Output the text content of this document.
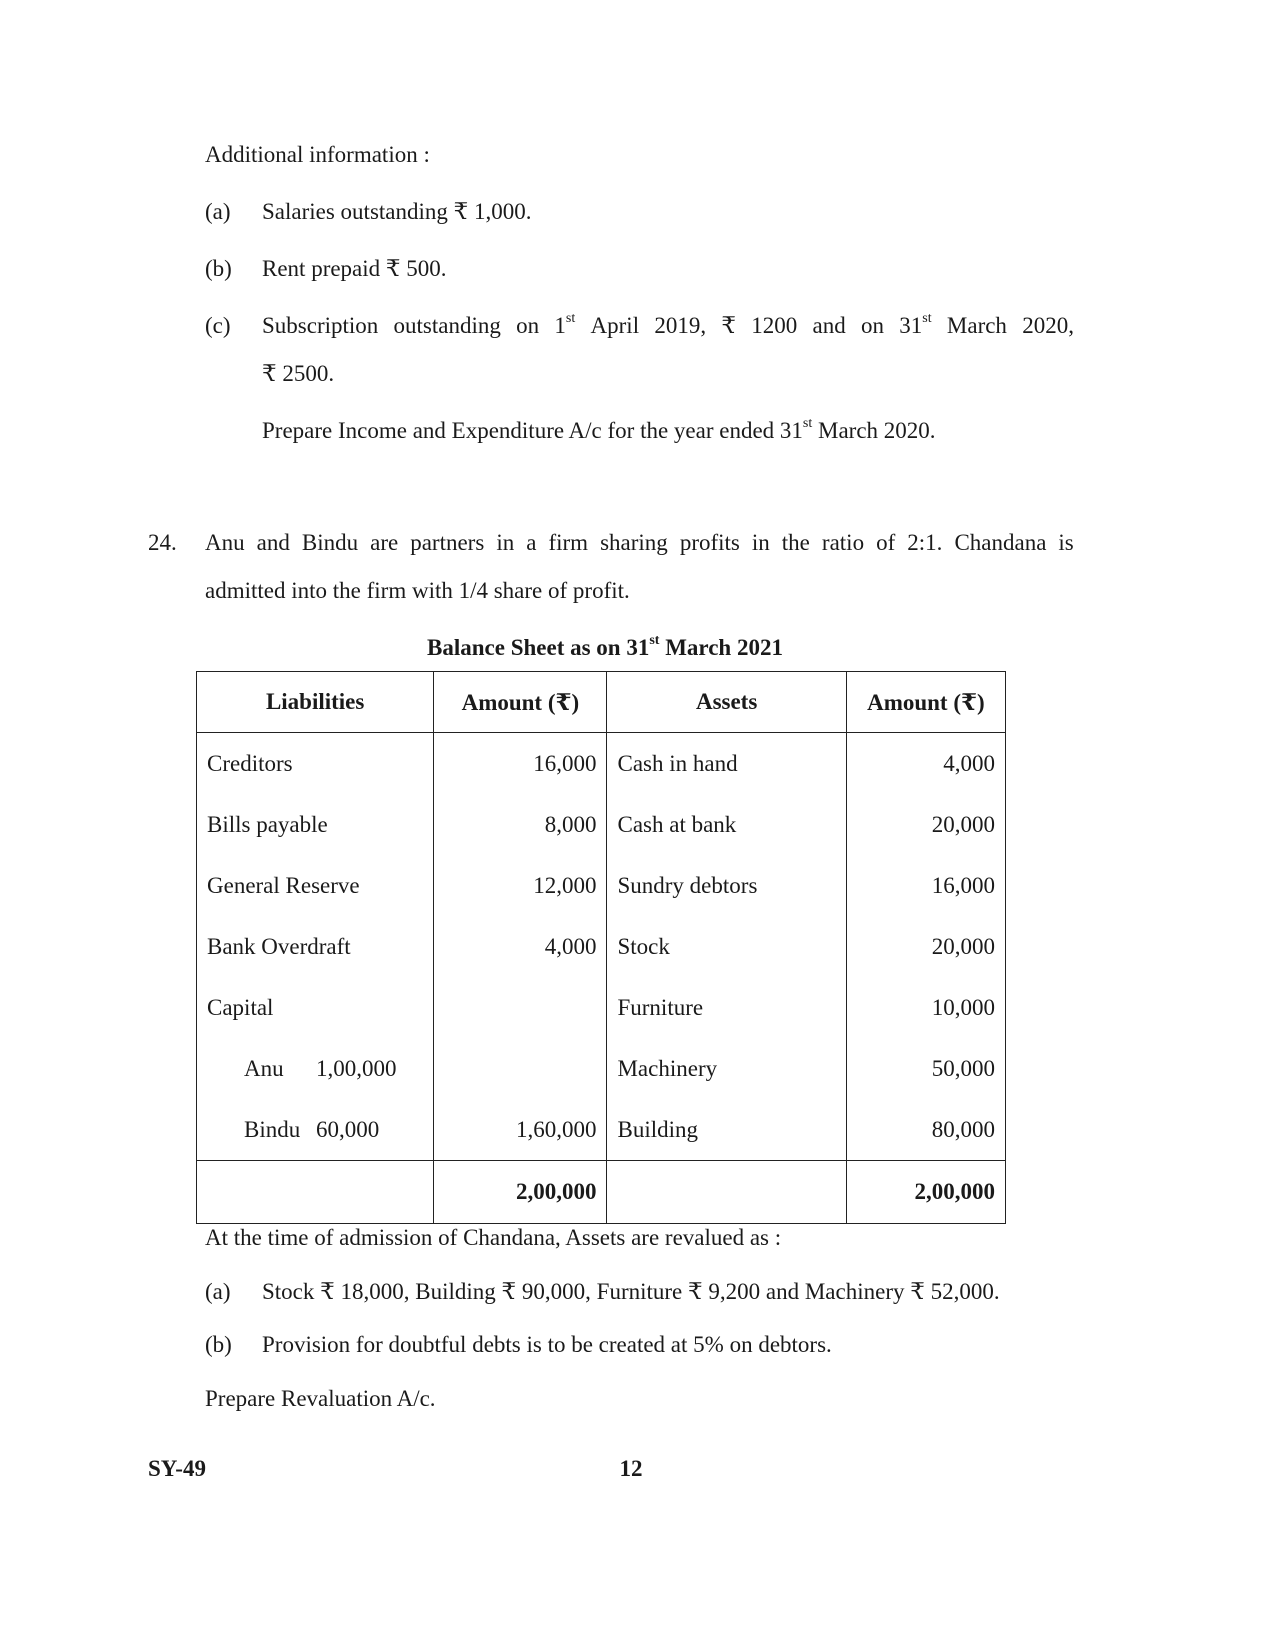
Additional information :
(a) Salaries outstanding ₹ 1,000.
(b) Rent prepaid ₹ 500.
(c) Subscription outstanding on 1st April 2019, ₹ 1200 and on 31st March 2020,
₹ 2500.
Prepare Income and Expenditure A/c for the year ended 31st March 2020.
24. Anu and Bindu are partners in a firm sharing profits in the ratio of 2:1. Chandana is
admitted into the firm with 1/4 share of profit.
Balance Sheet as on 31st March 2021
Liabilities	Amount (₹)	Assets	Amount (₹)
Creditors	16,000	Cash in hand	4,000
Bills payable	8,000	Cash at bank	20,000
General Reserve	12,000	Sundry debtors	16,000
Bank Overdraft	4,000	Stock	20,000
Capital		Furniture	10,000
Anu 1,00,000		Machinery	50,000
Bindu 60,000	1,60,000	Building	80,000
	2,00,000		2,00,000
At the time of admission of Chandana, Assets are revalued as :
(a) Stock ₹ 18,000, Building ₹ 90,000, Furniture ₹ 9,200 and Machinery ₹ 52,000.
(b) Provision for doubtful debts is to be created at 5% on debtors.
Prepare Revaluation A/c.
SY-49	12
